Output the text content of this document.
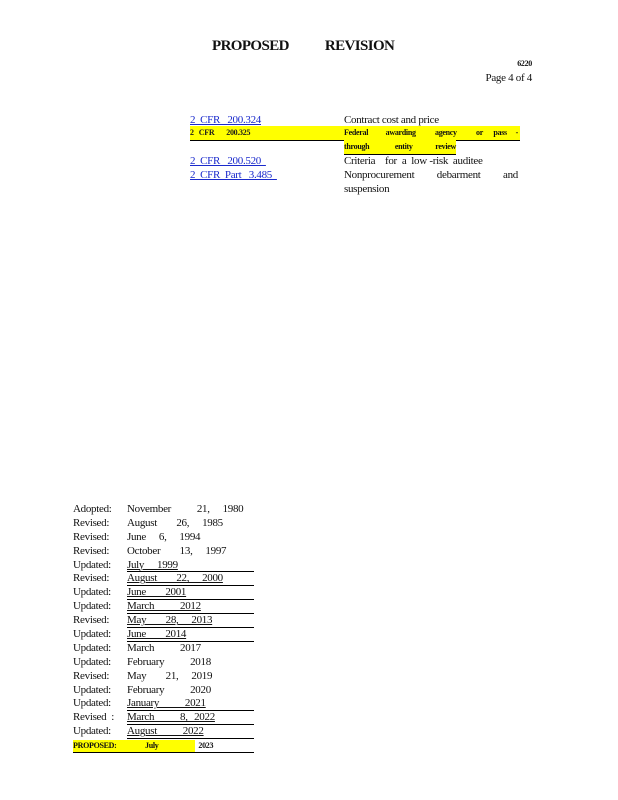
PROPOSED REVISION
6220
Page 4 of 4
2  CFR   200.324	Contract cost and price
2   CFR       200.325	Federal          awarding           agency           or      pass     -
through         entity        review
2  CFR   200.520	Criteria    for  a  low -risk  auditee
2  CFR  Part   3.485	Nonprocurement debarment and suspension
Adopted: November    21,  1980
Revised: August   26,  1985
Revised: June  6,  1994
Revised: October   13,  1997
Updated: July  1999
Revised: August   22,  2000
Updated: June   2001
Updated: March    2012
Revised: May   28,  2013
Updated: June   2014
Updated: March    2017
Updated: February    2018
Revised: May   21,  2019
Updated: February    2020
Updated: January    2021
Revised  : March    8, 2022
Updated: August    2022
PROPOSED:	July       2023
